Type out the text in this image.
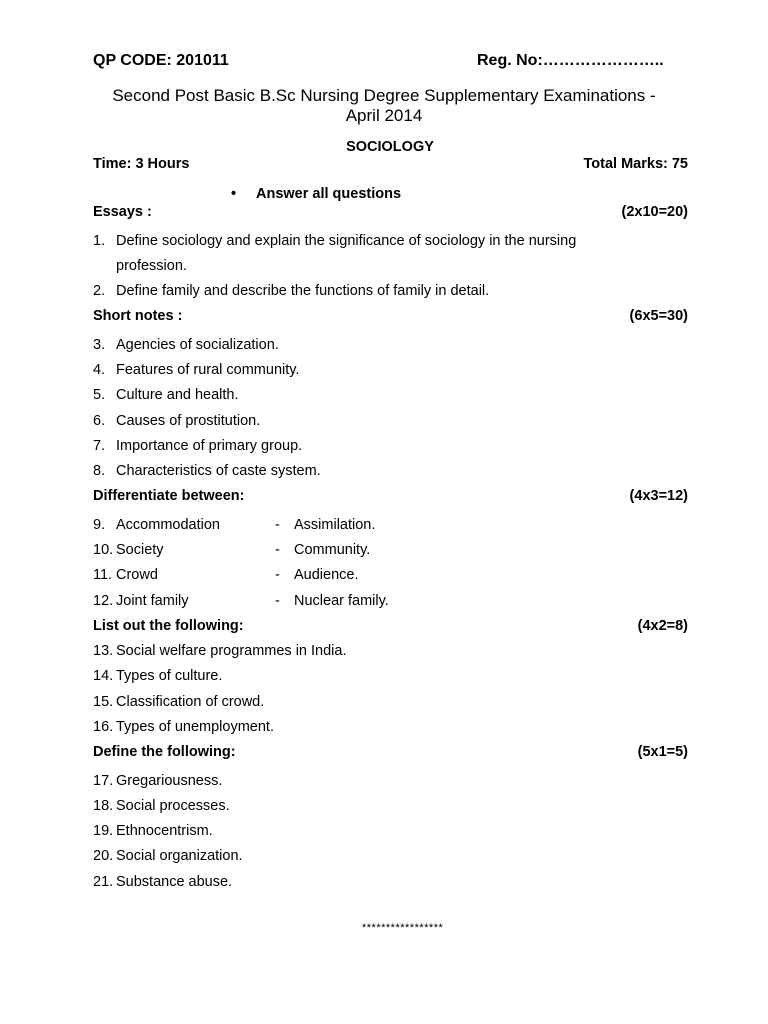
QP CODE: 201011	Reg. No:…………………..
Second Post Basic B.Sc Nursing Degree Supplementary Examinations -
April 2014
SOCIOLOGY
Time: 3 Hours	Total Marks: 75
• Answer all questions
Essays :	(2x10=20)
1. Define sociology and explain the significance of sociology in the nursing
profession.
2. Define family and describe the functions of family in detail.
Short notes :	(6x5=30)
3. Agencies of socialization.
4. Features of rural community.
5. Culture and health.
6. Causes of prostitution.
7. Importance of primary group.
8. Characteristics of caste system.
Differentiate between:	(4x3=12)
9. Accommodation	- Assimilation.
10. Society	- Community.
11. Crowd	- Audience.
12. Joint family	- Nuclear family.
List out the following:	(4x2=8)
13. Social welfare programmes in India.
14. Types of culture.
15. Classification of crowd.
16. Types of unemployment.
Define the following:	(5x1=5)
17. Gregariousness.
18. Social processes.
19. Ethnocentrism.
20. Social organization.
21. Substance abuse.
*****************
